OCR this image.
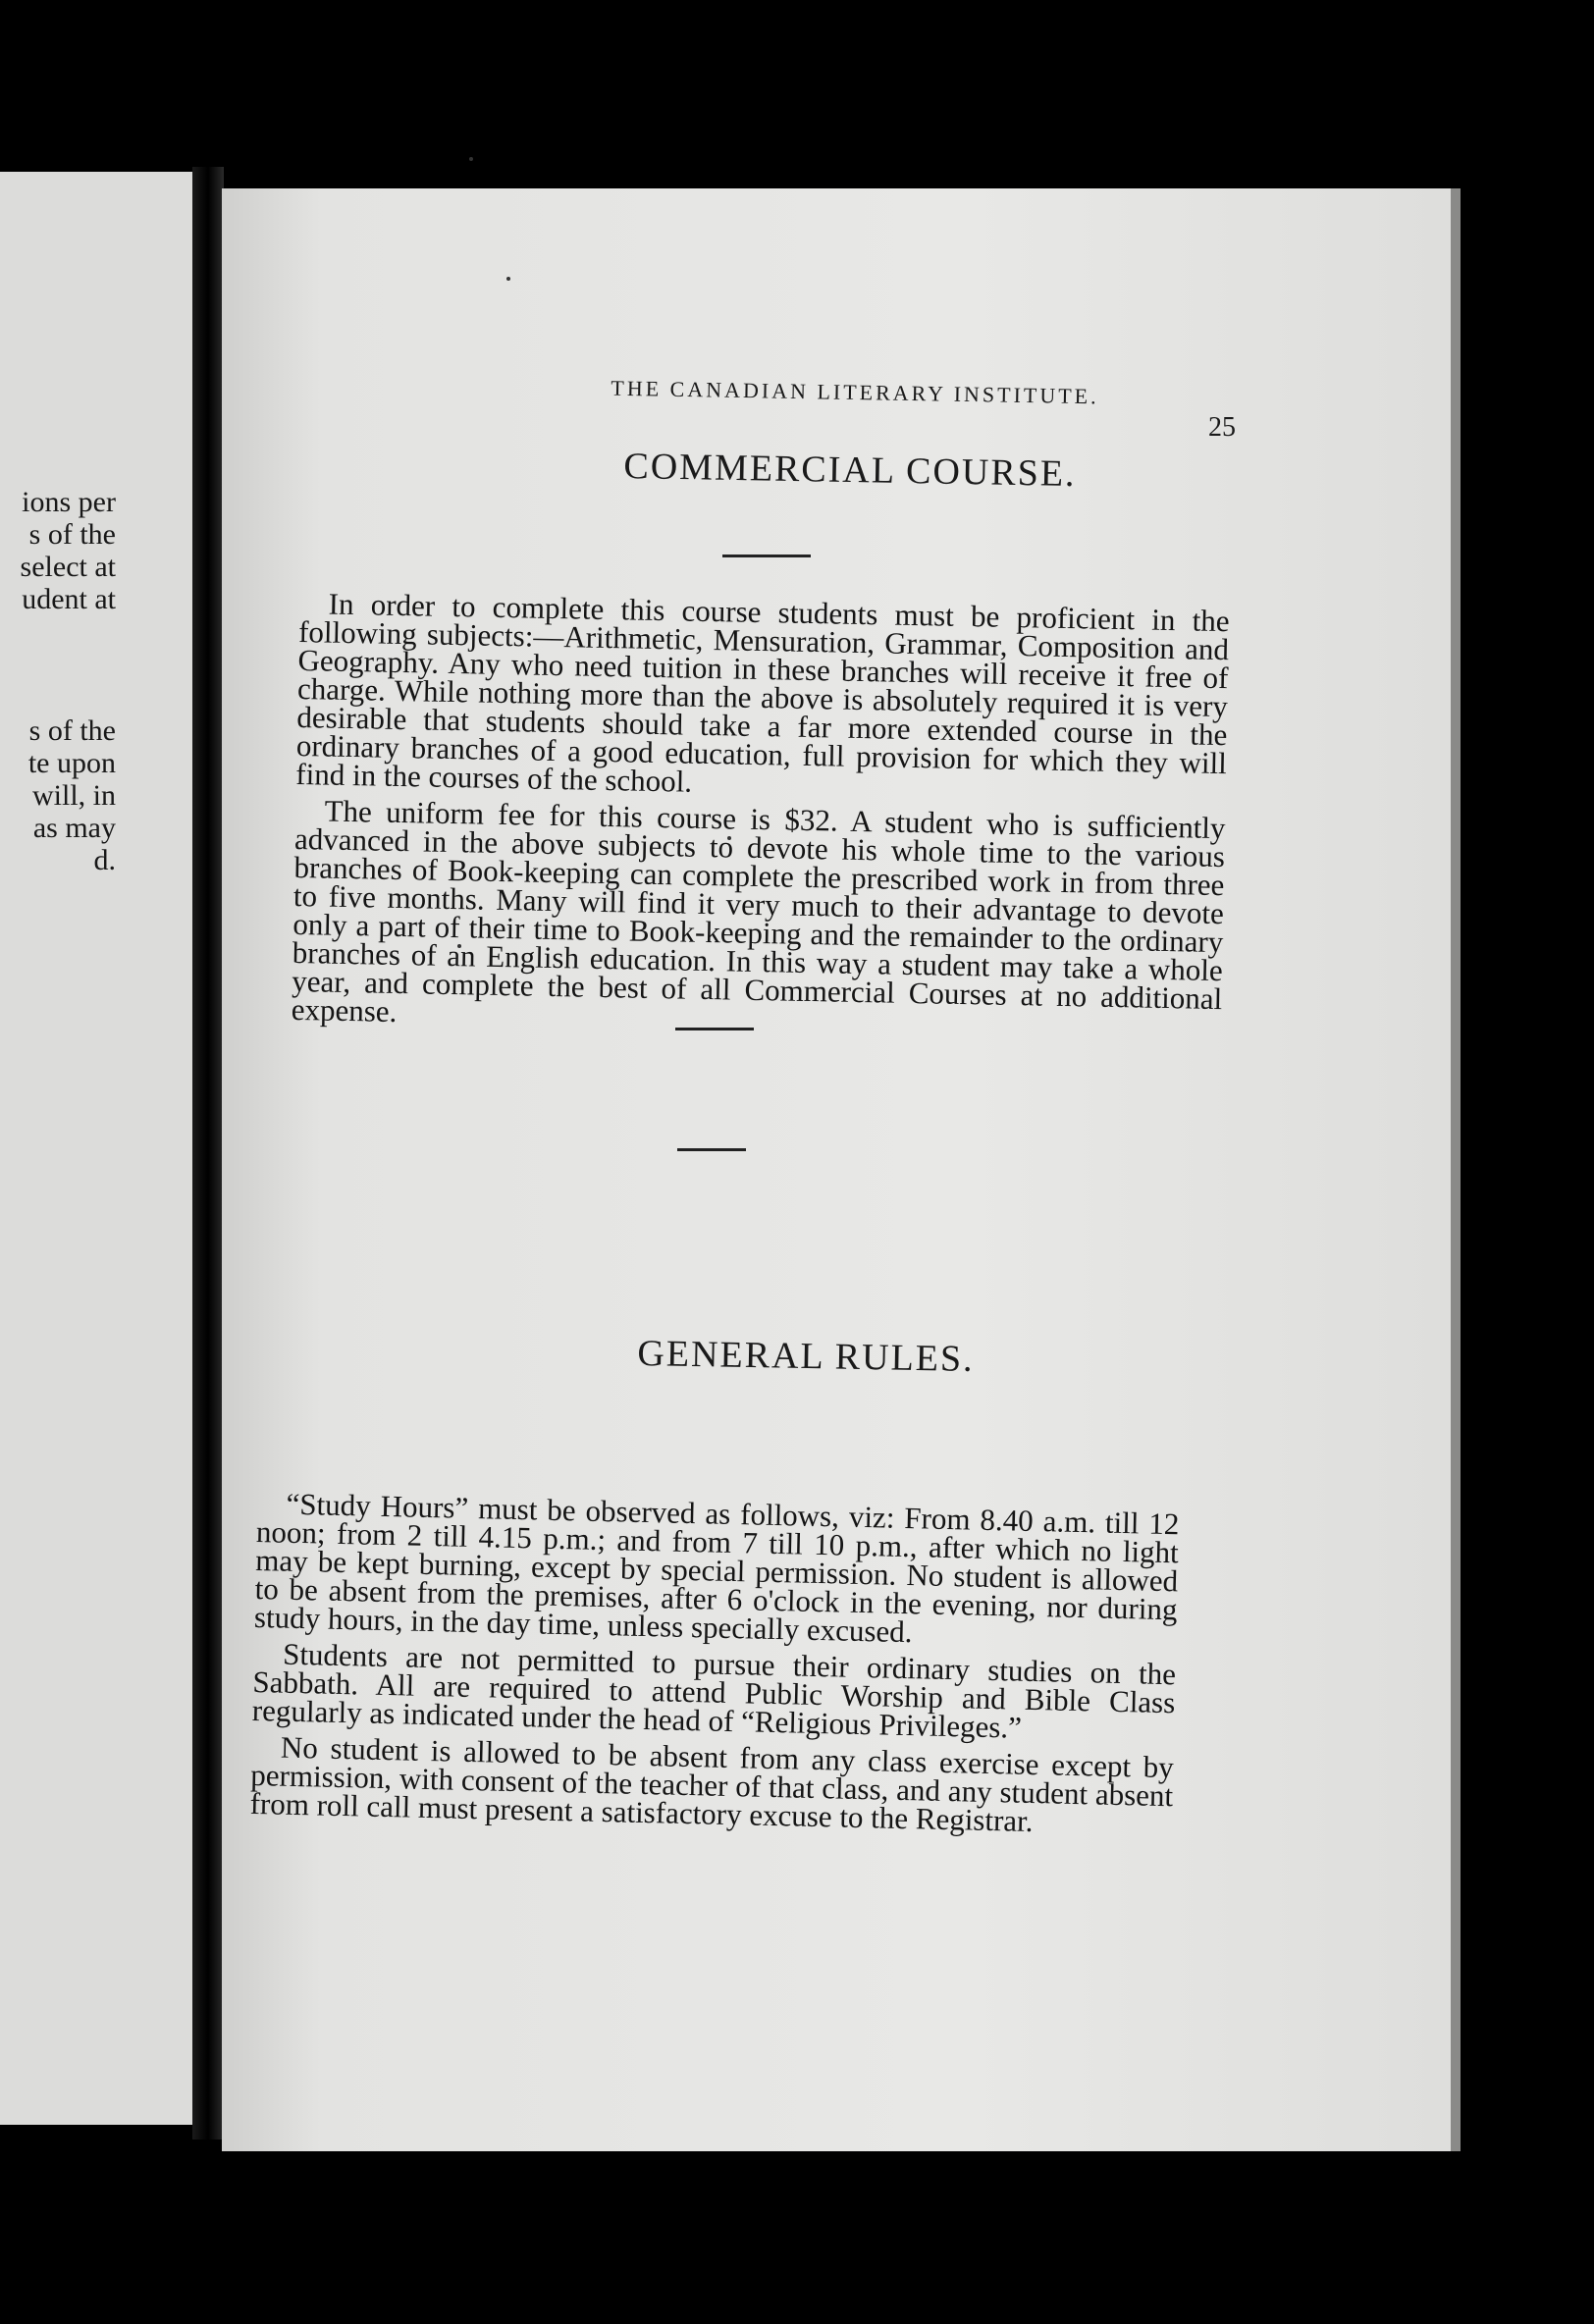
ions per
s of the
select at
udent at
s of the
te upon
will, in
as may
d.
THE CANADIAN LITERARY INSTITUTE.
25
COMMERCIAL COURSE.
GENERAL RULES.

In order to complete this course students must be proficient in the following subjects:—Arithmetic, Mensuration, Grammar, Composition and Geography. Any who need tuition in these branches will receive it free of charge. While nothing more than the above is absolutely required it is very desirable that students should take a far more extended course in the ordinary branches of a good education, full provision for which they will find in the courses of the school.

The uniform fee for this course is $32. A student who is sufficiently advanced in the above subjects to devote his whole time to the various branches of Book-keeping can complete the prescribed work in from three to five months. Many will find it very much to their advantage to devote only a part of their time to Book-keeping and the remainder to the ordinary branches of an English education. In this way a student may take a whole year, and complete the best of all Commercial Courses at no additional expense.

“Study Hours” must be observed as follows, viz: From 8.40 a.m. till 12 noon; from 2 till 4.15 p.m.; and from 7 till 10 p.m., after which no light may be kept burning, except by special permission. No student is allowed to be absent from the premises, after 6 o'clock in the evening, nor during study hours, in the day time, unless specially excused.

Students are not permitted to pursue their ordinary studies on the Sabbath. All are required to attend Public Worship and Bible Class regularly as indicated under the head of “Religious Privileges.”

No student is allowed to be absent from any class exercise except by permission, with consent of the teacher of that class, and any student absent from roll call must present a satisfactory excuse to the Registrar.
